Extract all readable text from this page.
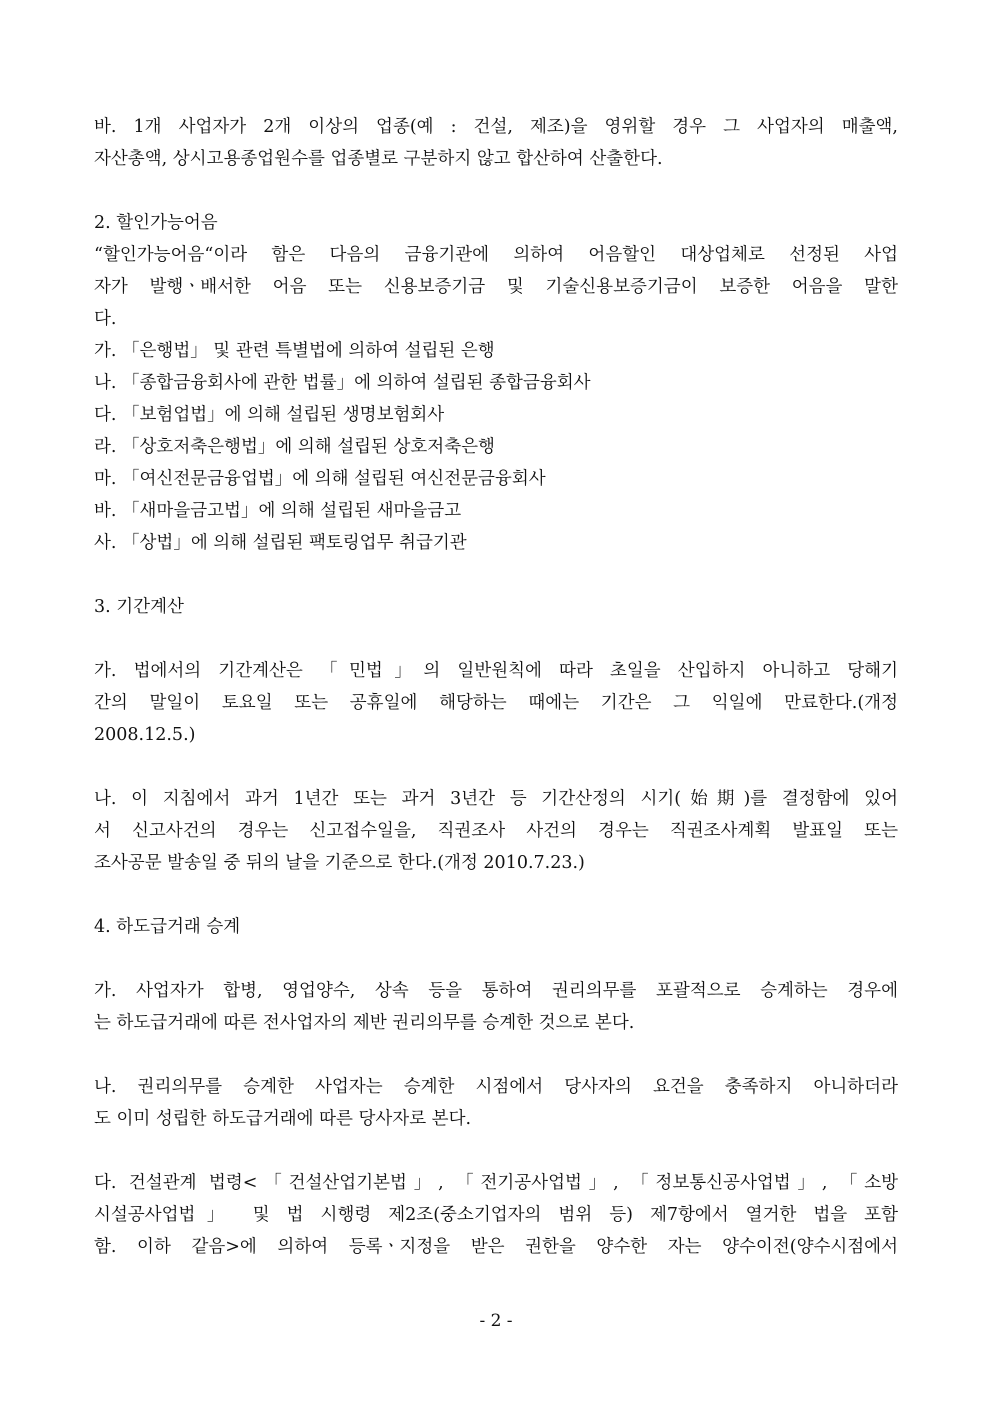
바. 1개 사업자가 2개 이상의 업종(예 : 건설, 제조)을 영위할 경우 그 사업자의 매출액,
자산총액, 상시고용종업원수를 업종별로 구분하지 않고 합산하여 산출한다.
2. 할인가능어음
“할인가능어음“이라 함은 다음의 금융기관에 의하여 어음할인 대상업체로 선정된 사업
자가 발행ㆍ배서한 어음 또는 신용보증기금 및 기술신용보증기금이 보증한 어음을 말한
다.
가. 「은행법」 및 관련 특별법에 의하여 설립된 은행
나. 「종합금융회사에 관한 법률」에 의하여 설립된 종합금융회사
다. 「보험업법」에 의해 설립된 생명보험회사
라. 「상호저축은행법」에 의해 설립된 상호저축은행
마. 「여신전문금융업법」에 의해 설립된 여신전문금융회사
바. 「새마을금고법」에 의해 설립된 새마을금고
사. 「상법」에 의해 설립된 팩토링업무 취급기관
3. 기간계산
가. 법에서의 기간계산은 「민법」의 일반원칙에 따라 초일을 산입하지 아니하고 당해기
간의 말일이 토요일 또는 공휴일에 해당하는 때에는 기간은 그 익일에 만료한다.(개정
2008.12.5.)
나. 이 지침에서 과거 1년간 또는 과거 3년간 등 기간산정의 시기(始期)를 결정함에 있어
서 신고사건의 경우는 신고접수일을, 직권조사 사건의 경우는 직권조사계획 발표일 또는
조사공문 발송일 중 뒤의 날을 기준으로 한다.(개정 2010.7.23.)
4. 하도급거래 승계
가. 사업자가 합병, 영업양수, 상속 등을 통하여 권리의무를 포괄적으로 승계하는 경우에
는 하도급거래에 따른 전사업자의 제반 권리의무를 승계한 것으로 본다.
나. 권리의무를 승계한 사업자는 승계한 시점에서 당사자의 요건을 충족하지 아니하더라
도 이미 성립한 하도급거래에 따른 당사자로 본다.
다. 건설관계 법령<「건설산업기본법」, 「전기공사업법」, 「정보통신공사업법」, 「소방
시설공사업법」 및 법 시행령 제2조(중소기업자의 범위 등) 제7항에서 열거한 법을 포함
함. 이하 같음>에 의하여 등록ㆍ지정을 받은 권한을 양수한 자는 양수이전(양수시점에서
- 2 -
